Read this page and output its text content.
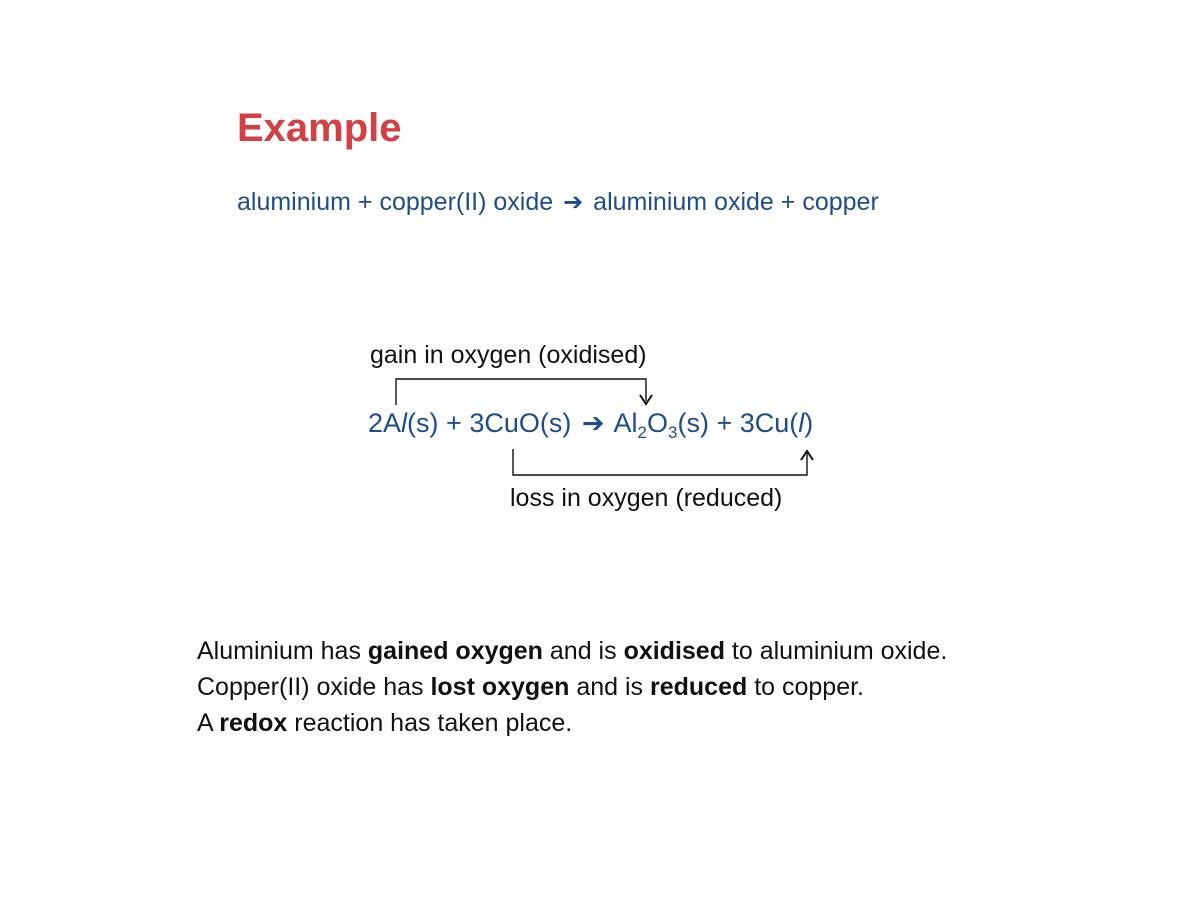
Example
aluminium + copper(II) oxide ➔ aluminium oxide + copper
gain in oxygen (oxidised)
2Al(s) + 3CuO(s) ➔ $Al_2O_3(s) + 3Cu(l)$
loss in oxygen (reduced)

Aluminium has gained oxygen and is oxidised to aluminium oxide.

Copper(II) oxide has lost oxygen and is reduced to copper.

A redox reaction has taken place.
